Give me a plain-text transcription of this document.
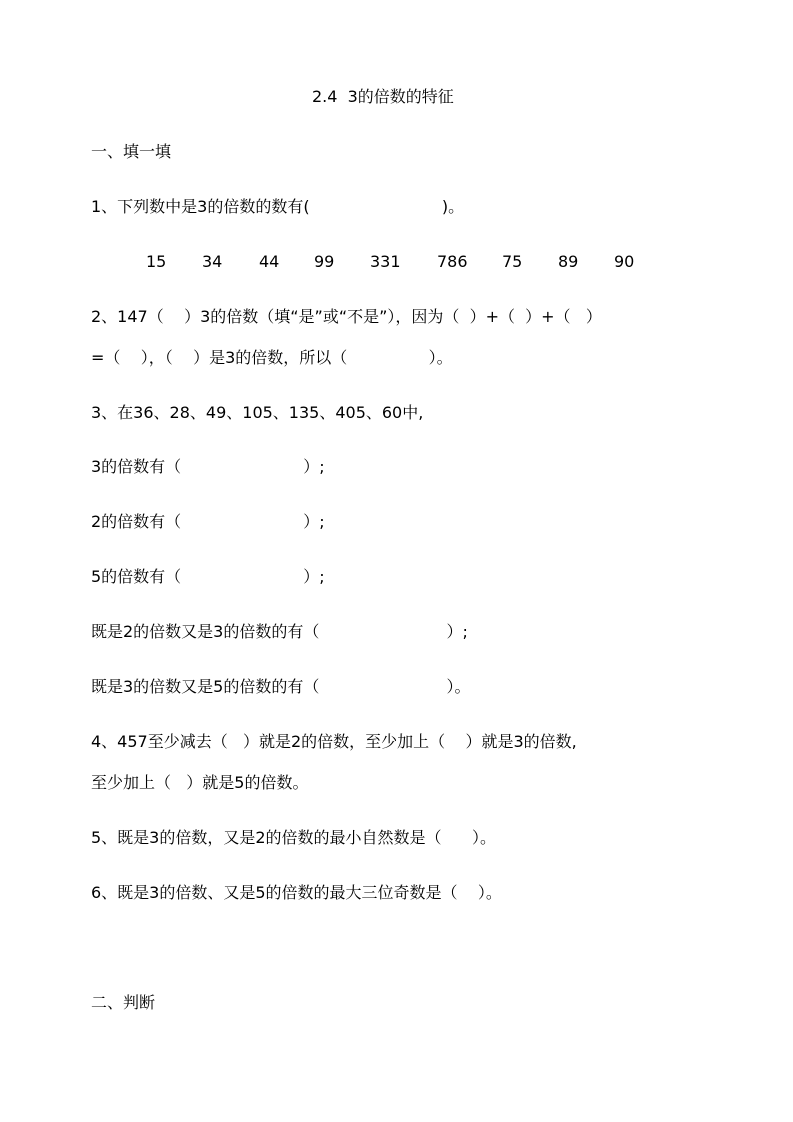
2.4  3的倍数的特征
一、填一填
1、下列数中是3的倍数的数有(                          )。
15 34 44 99 331 786 75 89 90
2、147（    ）3的倍数（填“是”或“不是”），因为（  ）+（  ）+（   ）
=（    ），（    ）是3的倍数，所以（                ）。
3、在36、28、49、105、135、405、60中,
3的倍数有（                        ）;
2的倍数有（                        ）;
5的倍数有（                        ）;
既是2的倍数又是3的倍数的有（                         ）;
既是3的倍数又是5的倍数的有（                         ）。
4、457至少减去（   ）就是2的倍数，至少加上（    ）就是3的倍数,
至少加上（   ）就是5的倍数。
5、既是3的倍数，又是2的倍数的最小自然数是（      ）。
6、既是3的倍数、又是5的倍数的最大三位奇数是（    ）。
二、判断
